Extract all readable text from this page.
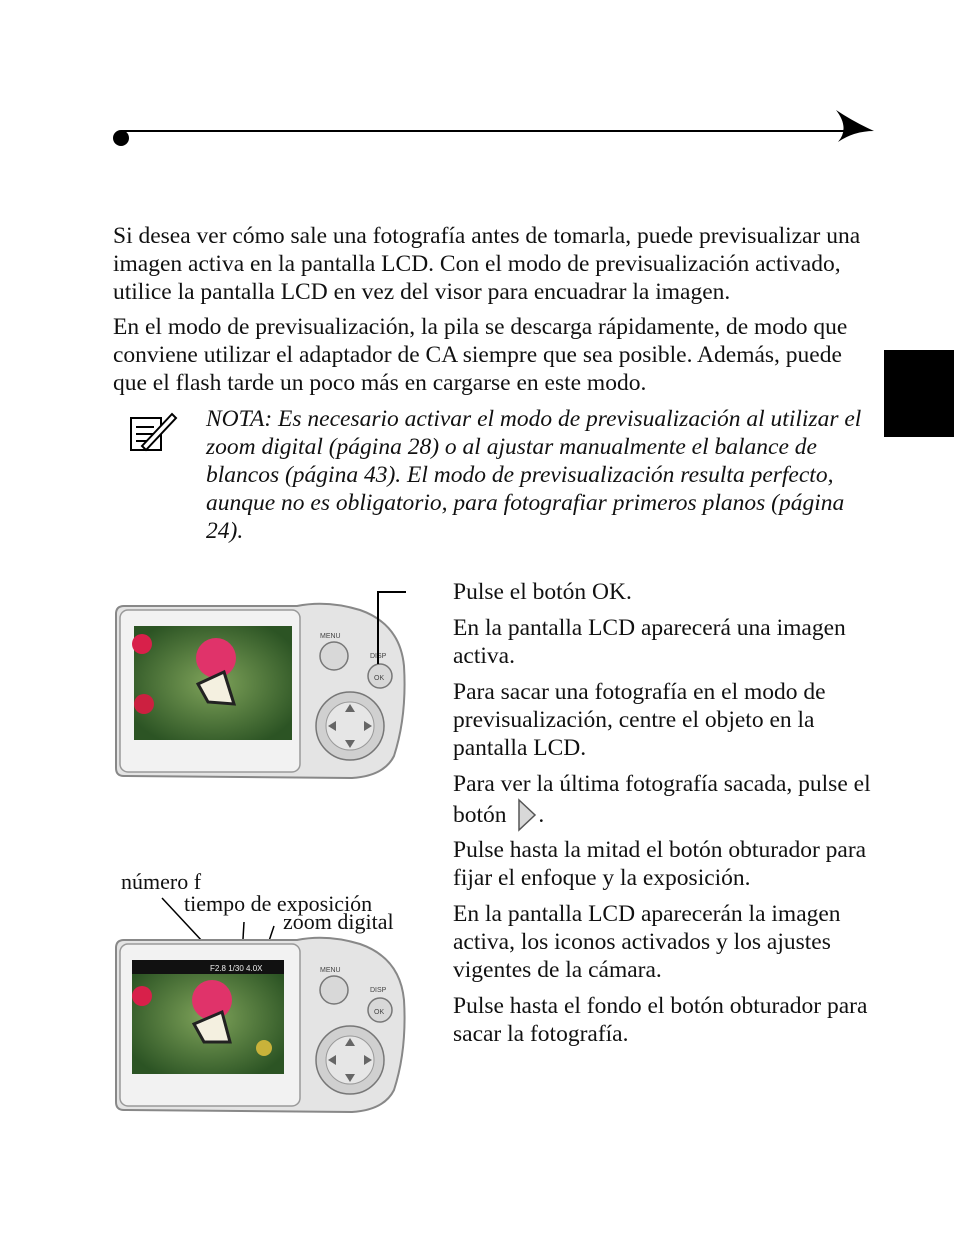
Si desea ver cómo sale una fotografía antes de tomarla, puede previsualizar una imagen activa en la pantalla LCD. Con el modo de previsualización activado, utilice la pantalla LCD en vez del visor para encuadrar la imagen.
En el modo de previsualización, la pila se descarga rápidamente, de modo que conviene utilizar el adaptador de CA siempre que sea posible. Además, puede que el flash tarde un poco más en cargarse en este modo.
NOTA: Es necesario activar el modo de previsualización al utilizar el zoom digital (página 28) o al ajustar manualmente el balance de blancos (página 43). El modo de previsualización resulta perfecto, aunque no es obligatorio, para fotografiar primeros planos (página 24).
MENU
DISP
OK
Pulse el botón OK.
En la pantalla LCD aparecerá una imagen activa.
Para sacar una fotografía en el modo de previsualización, centre el objeto en la pantalla LCD.
Para ver la última fotografía sacada, pulse el botón .
Pulse hasta la mitad el botón obturador para fijar el enfoque y la exposición.
En la pantalla LCD aparecerán la imagen activa, los iconos activados y los ajustes vigentes de la cámara.
Pulse hasta el fondo el botón obturador para sacar la fotografía.
número f
tiempo de exposición
zoom digital
F2.8 1/30 4.0X	MENU
DISP
OK
